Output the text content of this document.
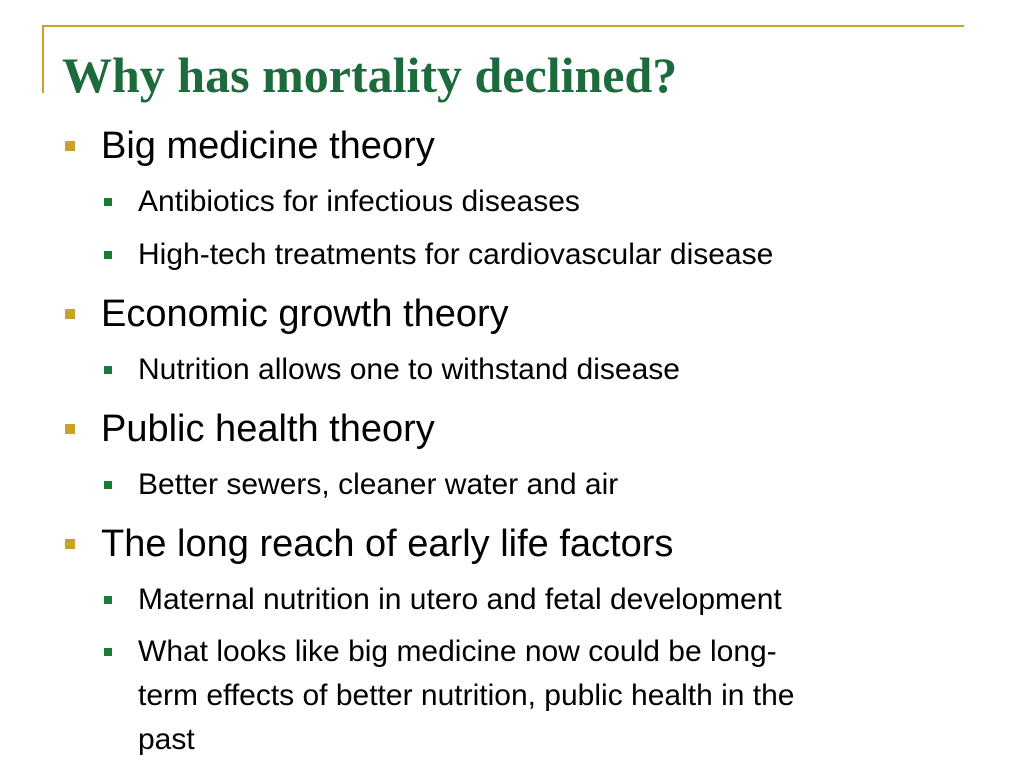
Why has mortality declined?
Big medicine theory
Antibiotics for infectious diseases
High-tech treatments for cardiovascular disease
Economic growth theory
Nutrition allows one to withstand disease
Public health theory
Better sewers, cleaner water and air
The long reach of early life factors
Maternal nutrition in utero and fetal development
What looks like big medicine now could be long-
term effects of better nutrition, public health in the
past
